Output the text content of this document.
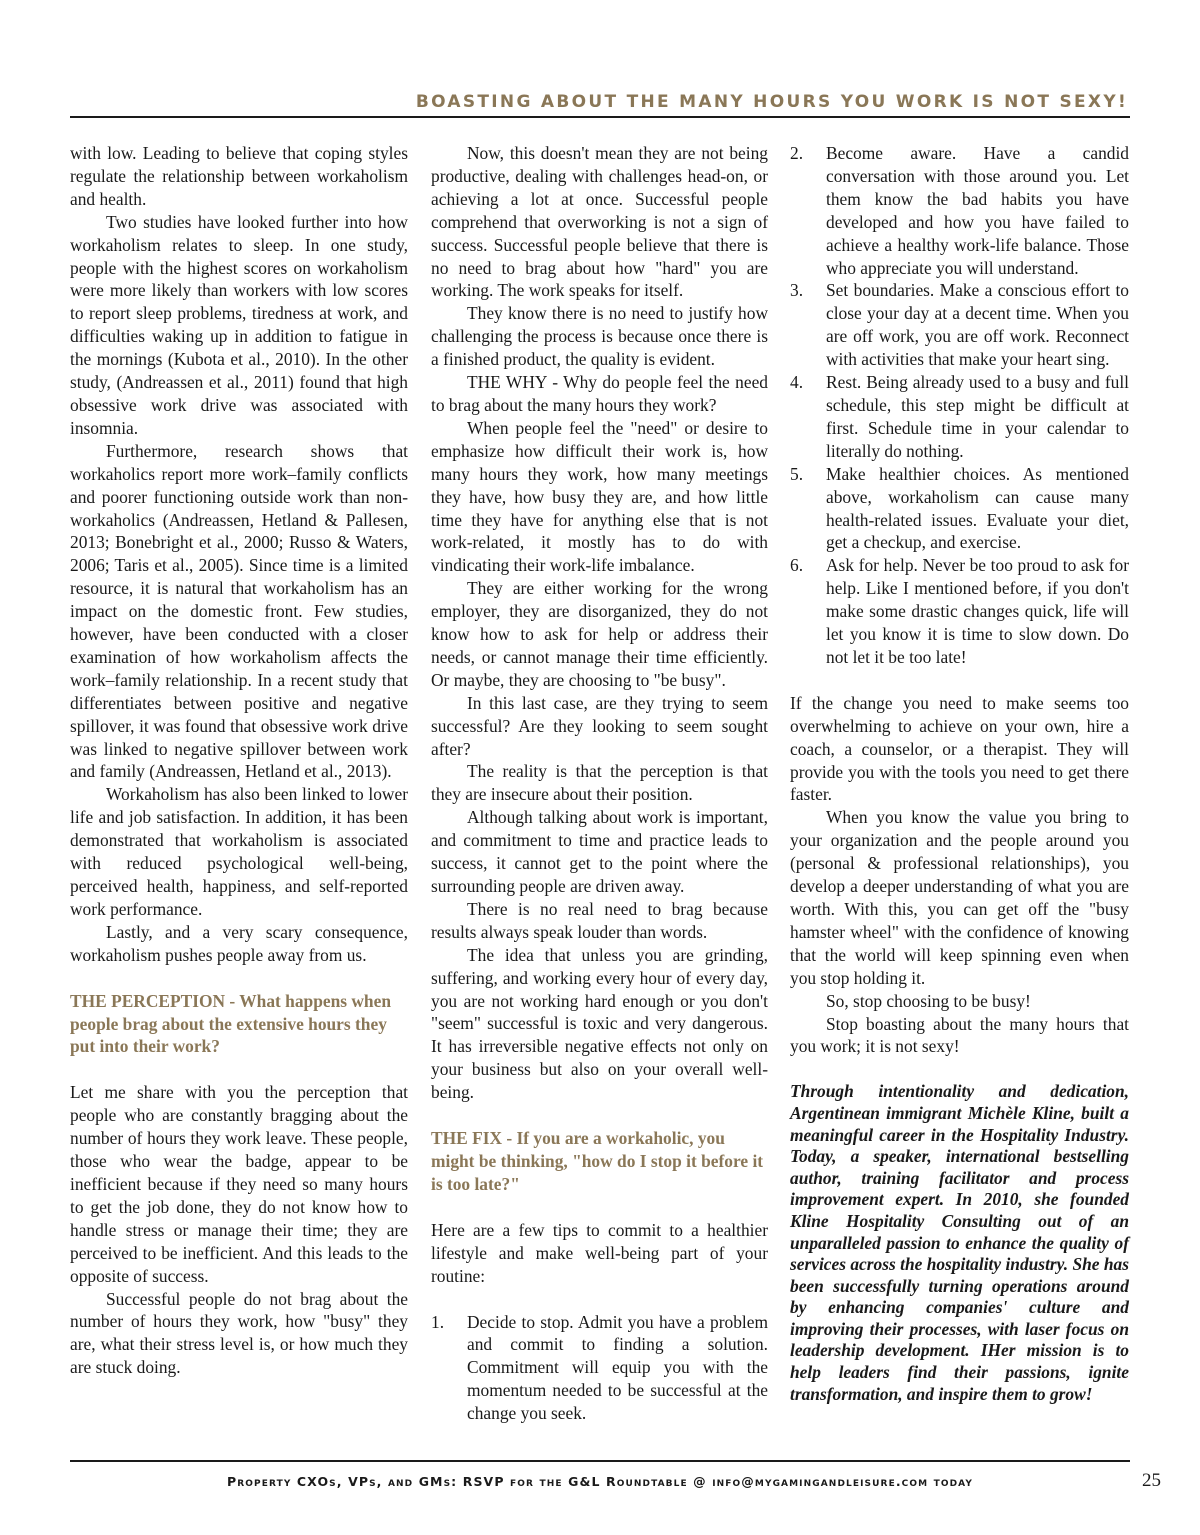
BOASTING ABOUT THE MANY HOURS YOU WORK IS NOT SEXY!

with low. Leading to believe that coping styles regulate the relationship between workaholism and health.

Two studies have looked further into how workaholism relates to sleep. In one study, people with the highest scores on workaholism were more likely than workers with low scores to report sleep problems, tiredness at work, and difficulties waking up in addition to fatigue in the mornings (Kubota et al., 2010). In the other study, (Andreassen et al., 2011) found that high obsessive work drive was associated with insomnia.

Furthermore, research shows that workaholics report more work–family conflicts and poorer functioning outside work than non-workaholics (Andreassen, Hetland & Pallesen, 2013; Bonebright et al., 2000; Russo & Waters, 2006; Taris et al., 2005). Since time is a limited resource, it is natural that workaholism has an impact on the domestic front. Few studies, however, have been conducted with a closer examination of how workaholism affects the work–family relationship. In a recent study that differentiates between positive and negative spillover, it was found that obsessive work drive was linked to negative spillover between work and family (Andreassen, Hetland et al., 2013).

Workaholism has also been linked to lower life and job satisfaction. In addition, it has been demonstrated that workaholism is associated with reduced psychological well-being, perceived health, happiness, and self-reported work performance.

Lastly, and a very scary consequence, workaholism pushes people away from us.

THE PERCEPTION - What happens when people brag about the extensive hours they put into their work?

Let me share with you the perception that people who are constantly bragging about the number of hours they work leave. These people, those who wear the badge, appear to be inefficient because if they need so many hours to get the job done, they do not know how to handle stress or manage their time; they are perceived to be inefficient. And this leads to the opposite of success.

Successful people do not brag about the number of hours they work, how "busy" they are, what their stress level is, or how much they are stuck doing.

Now, this doesn't mean they are not being productive, dealing with challenges head-on, or achieving a lot at once. Successful people comprehend that overworking is not a sign of success. Successful people believe that there is no need to brag about how "hard" you are working. The work speaks for itself.

They know there is no need to justify how challenging the process is because once there is a finished product, the quality is evident.

THE WHY - Why do people feel the need to brag about the many hours they work?

When people feel the "need" or desire to emphasize how difficult their work is, how many hours they work, how many meetings they have, how busy they are, and how little time they have for anything else that is not work-related, it mostly has to do with vindicating their work-life imbalance.

They are either working for the wrong employer, they are disorganized, they do not know how to ask for help or address their needs, or cannot manage their time efficiently. Or maybe, they are choosing to "be busy".

In this last case, are they trying to seem successful? Are they looking to seem sought after?

The reality is that the perception is that they are insecure about their position.

Although talking about work is important, and commitment to time and practice leads to success, it cannot get to the point where the surrounding people are driven away.

There is no real need to brag because results always speak louder than words.

The idea that unless you are grinding, suffering, and working every hour of every day, you are not working hard enough or you don't "seem" successful is toxic and very dangerous. It has irreversible negative effects not only on your business but also on your overall well-being.

THE FIX - If you are a workaholic, you might be thinking, "how do I stop it before it is too late?"

Here are a few tips to commit to a healthier lifestyle and make well-being part of your routine:

1.	Decide to stop. Admit you have a problem and commit to finding a solution. Commitment will equip you with the momentum needed to be successful at the change you seek.
2.	Become aware. Have a candid conversation with those around you. Let them know the bad habits you have developed and how you have failed to achieve a healthy work-life balance. Those who appreciate you will understand.
3.	Set boundaries. Make a conscious effort to close your day at a decent time. When you are off work, you are off work. Reconnect with activities that make your heart sing.
4.	Rest. Being already used to a busy and full schedule, this step might be difficult at first. Schedule time in your calendar to literally do nothing.
5.	Make healthier choices. As mentioned above, workaholism can cause many health-related issues. Evaluate your diet, get a checkup, and exercise.
6.	Ask for help. Never be too proud to ask for help. Like I mentioned before, if you don't make some drastic changes quick, life will let you know it is time to slow down. Do not let it be too late!

If the change you need to make seems too overwhelming to achieve on your own, hire a coach, a counselor, or a therapist. They will provide you with the tools you need to get there faster.

When you know the value you bring to your organization and the people around you (personal & professional relationships), you develop a deeper understanding of what you are worth. With this, you can get off the "busy hamster wheel" with the confidence of knowing that the world will keep spinning even when you stop holding it.

So, stop choosing to be busy!

Stop boasting about the many hours that you work; it is not sexy!

Through intentionality and dedication, Argentinean immigrant Michèle Kline, built a meaningful career in the Hospitality Industry. Today, a speaker, international bestselling author, training facilitator and process improvement expert. In 2010, she founded Kline Hospitality Consulting out of an unparalleled passion to enhance the quality of services across the hospitality industry. She has been successfully turning operations around by enhancing companies' culture and improving their processes, with laser focus on leadership development. IHer mission is to help leaders find their passions, ignite transformation, and inspire them to grow!

Property CXOs, VPs, and GMs: RSVP for the G&L Roundtable @ info@mygamingandleisure.com today	25
